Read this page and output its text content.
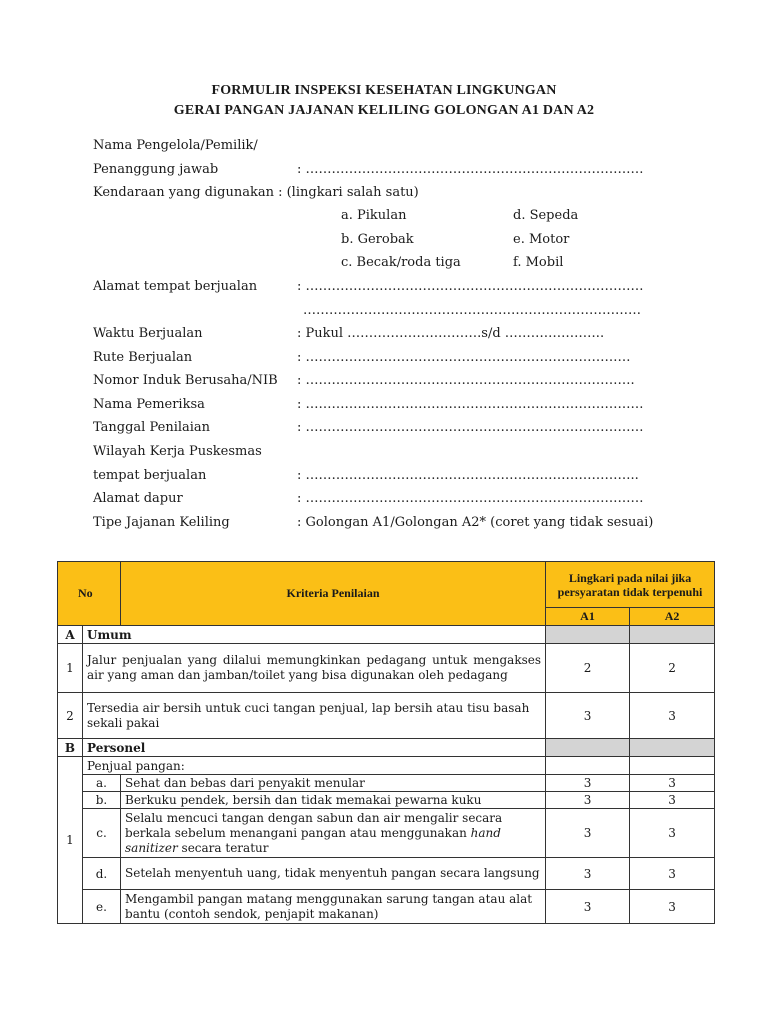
FORMULIR INSPEKSI KESEHATAN LINGKUNGAN
GERAI PANGAN JAJANAN KELILING GOLONGAN A1 DAN A2
Nama Pengelola/Pemilik/
Penanggung jawab	: ……………………………………………………………………
Kendaraan yang digunakan : (lingkari salah satu)
a. Pikulan	d. Sepeda
b. Gerobak	e. Motor
c. Becak/roda tiga	f. Mobil
Alamat tempat berjualan	: ……………………………………………………………………
……………………………………………………………………
Waktu Berjualan	: Pukul ………………………….s/d …………………..
Rute Berjualan	: …………………………………………………………………
Nomor Induk Berusaha/NIB : ………………………………………………………………….
Nama Pemeriksa	: ……………………………………………………………………
Tanggal Penilaian	: ……………………………………………………………………
Wilayah Kerja Puskesmas
tempat berjualan	: …………………………………………………………………..
Alamat dapur	: ……………………………………………………………………
Tipe Jajanan Keliling	: Golongan A1/Golongan A2* (coret yang tidak sesuai)
No		Kriteria Penilaian	Lingkari pada nilai jika persyaratan tidak terpenuhi	
			A1	A2
A	Umum			
1	Jalur penjualan yang dilalui memungkinkan pedagang untuk mengakses air yang aman dan jamban/toilet yang bisa digunakan oleh pedagang		2	2
2	Tersedia air bersih untuk cuci tangan penjual, lap bersih atau tisu basah
sekali pakai		3	3
B	Personel			
1	Penjual pangan:			
	a.	Sehat dan bebas dari penyakit menular	3	3
	b.	Berkuku pendek, bersih dan tidak memakai pewarna kuku	3	3
	c.	Selalu mencuci tangan dengan sabun dan air mengalir secara berkala sebelum menangani pangan atau menggunakan hand sanitizer secara teratur	3	3
	d.	Setelah menyentuh uang, tidak menyentuh pangan secara langsung	3	3
	e.	Mengambil pangan matang menggunakan sarung tangan atau alat bantu (contoh sendok, penjapit makanan)	3	3
